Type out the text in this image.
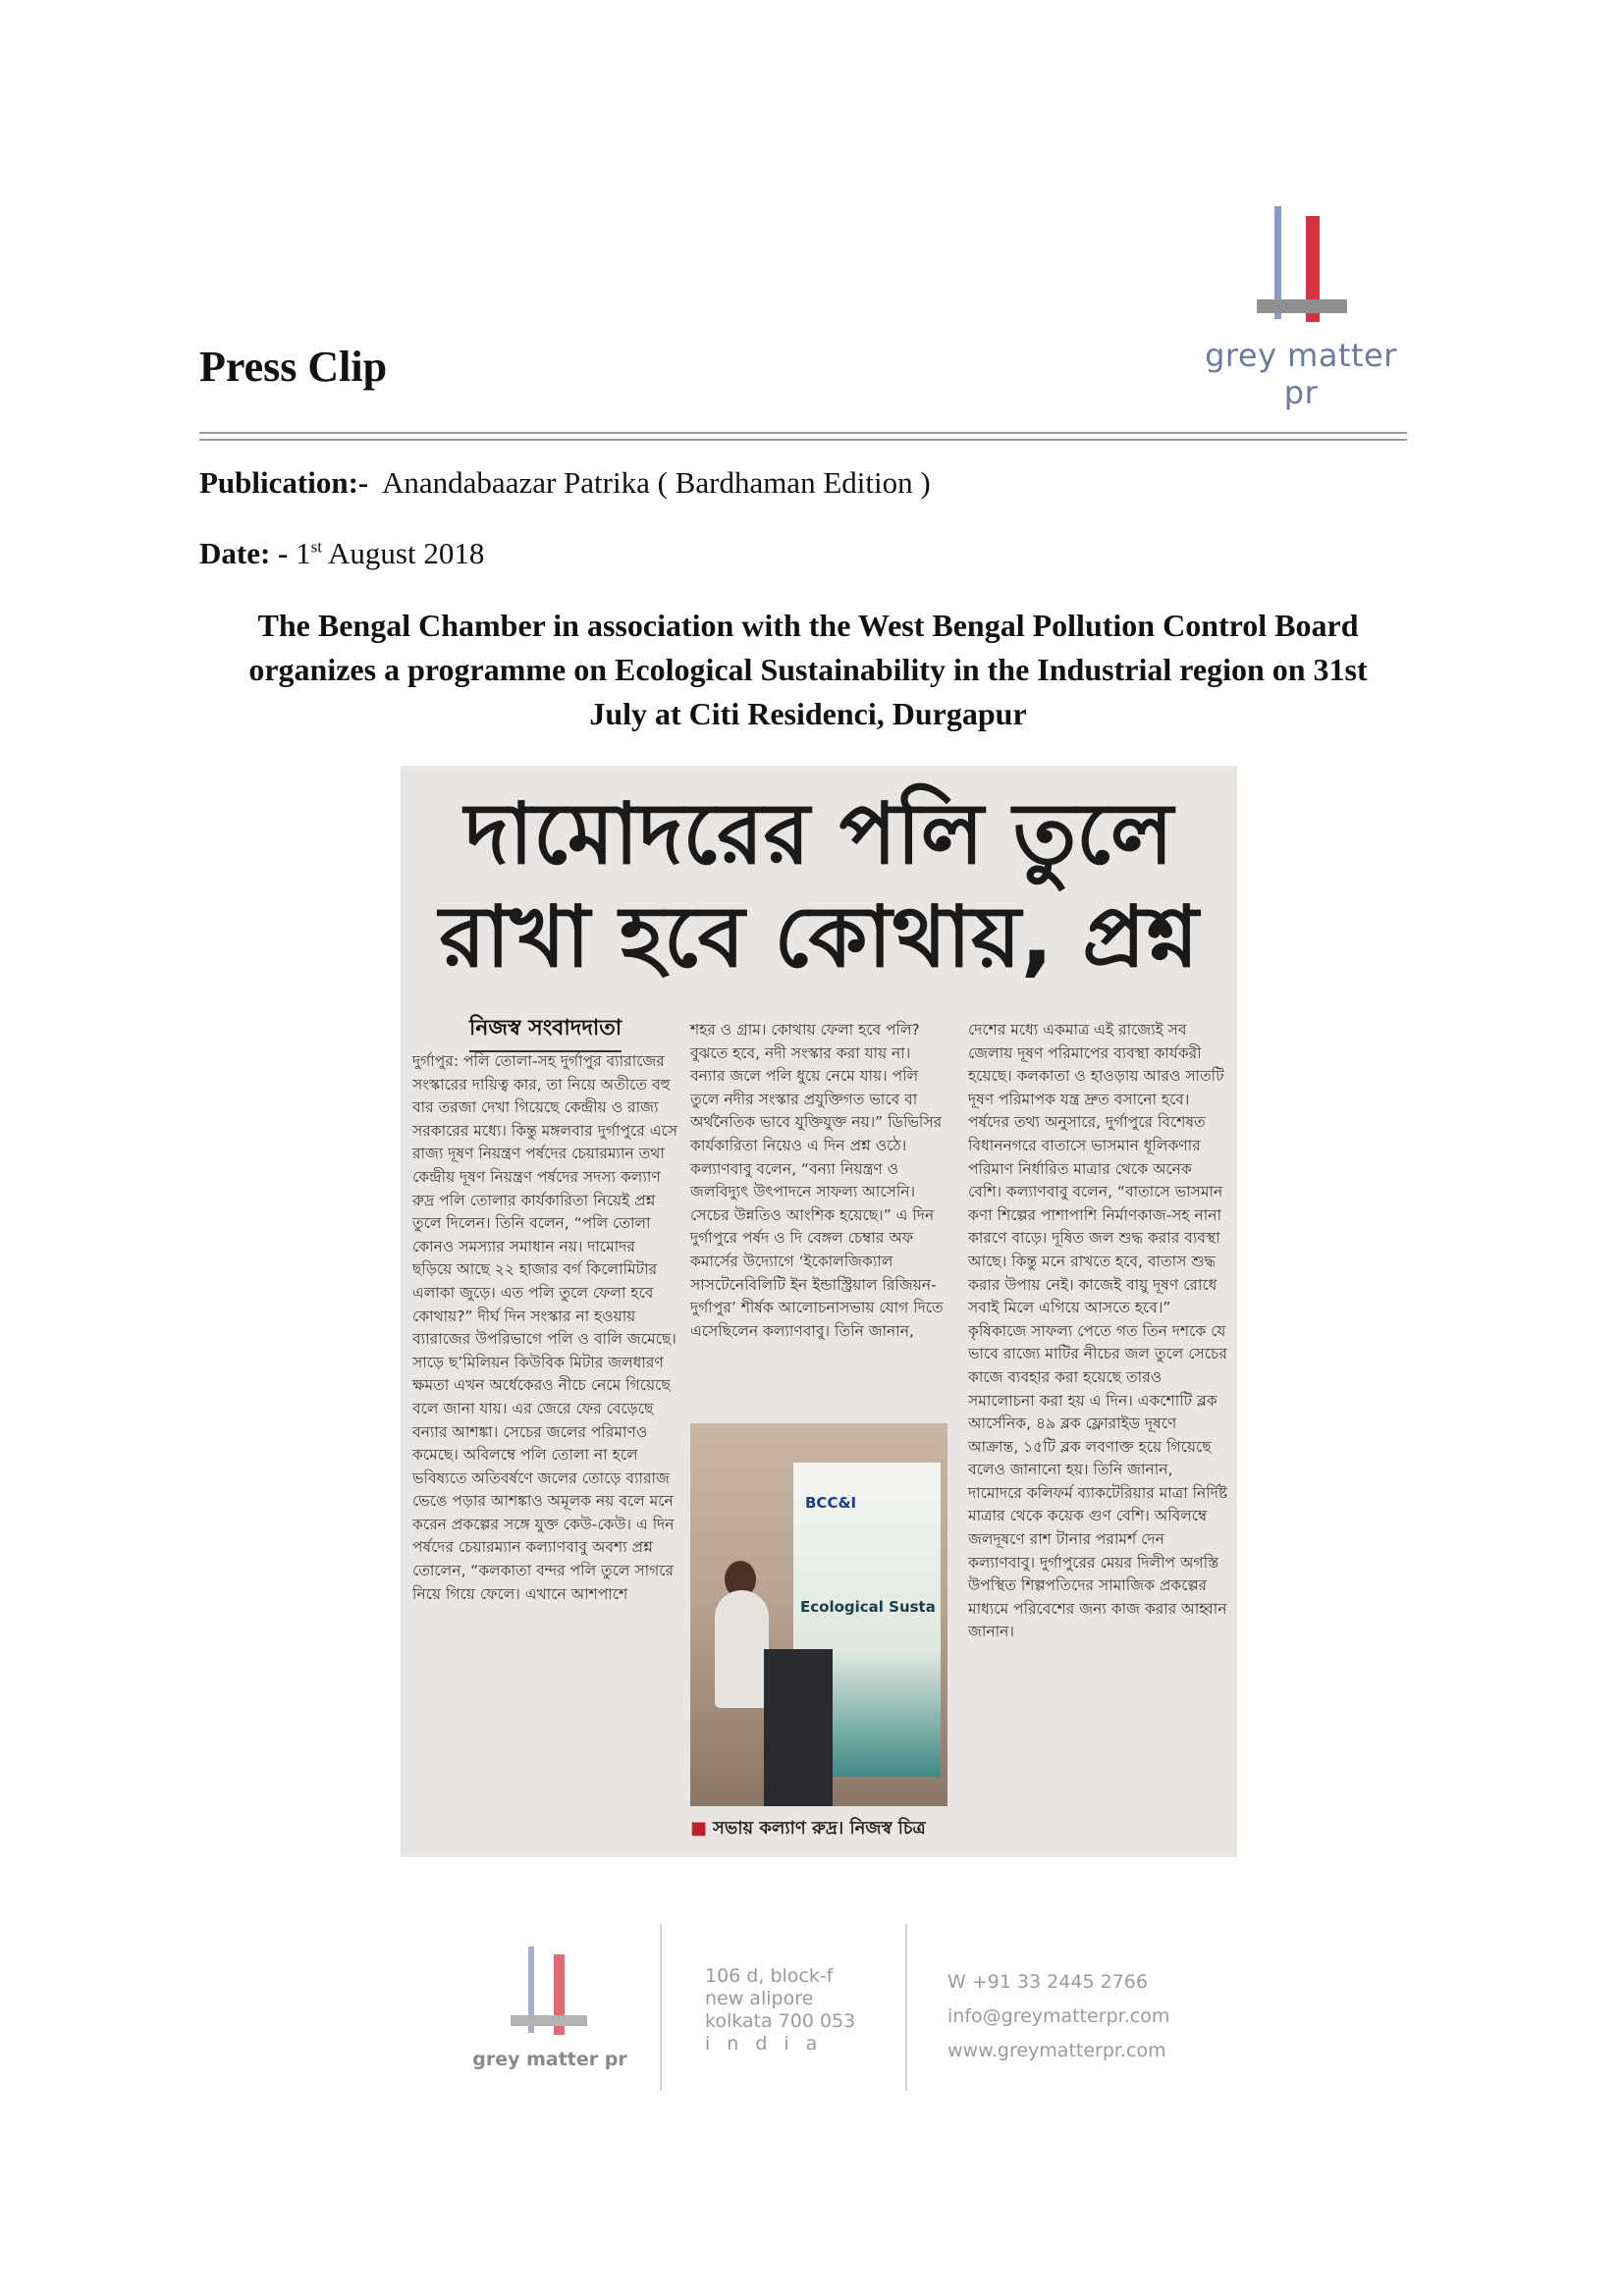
grey matter pr
Press Clip
Publication:- Anandabaazar Patrika ( Bardhaman Edition )
Date: - 1st August 2018
The Bengal Chamber in association with the West Bengal Pollution Control Board
organizes a programme on Ecological Sustainability in the Industrial region on 31st
July at Citi Residenci, Durgapur
দামোদরের পলি তুলে
রাখা হবে কোথায়, প্রশ্ন
নিজস্ব সংবাদদাতা
দুর্গাপুর: পলি তোলা-সহ দুর্গাপুর ব্যারাজের সংস্কারের দায়িত্ব কার, তা নিয়ে অতীতে বহু বার তরজা দেখা গিয়েছে কেন্দ্রীয় ও রাজ্য সরকারের মধ্যে। কিন্তু মঙ্গলবার দুর্গাপুরে এসে রাজ্য দূষণ নিয়ন্ত্রণ পর্ষদের চেয়ারম্যান তথা কেন্দ্রীয় দূষণ নিয়ন্ত্রণ পর্ষদের সদস্য কল্যাণ রুদ্র পলি তোলার কার্যকারিতা নিয়েই প্রশ্ন তুলে দিলেন। তিনি বলেন, “পলি তোলা কোনও সমস্যার সমাধান নয়। দামোদর ছড়িয়ে আছে ২২ হাজার বর্গ কিলোমিটার এলাকা জুড়ে। এত পলি তুলে ফেলা হবে কোথায়?” দীর্ঘ দিন সংস্কার না হওয়ায় ব্যারাজের উপরিভাগে পলি ও বালি জমেছে। সাড়ে ছ’মিলিয়ন কিউবিক মিটার জলধারণ ক্ষমতা এখন অর্ধেকেরও নীচে নেমে গিয়েছে বলে জানা যায়। এর জেরে ফের বেড়েছে বন্যার আশঙ্কা। সেচের জলের পরিমাণও কমেছে। অবিলম্বে পলি তোলা না হলে ভবিষ্যতে অতিবর্ষণে জলের তোড়ে ব্যারাজ ভেঙে পড়ার আশঙ্কাও অমূলক নয় বলে মনে করেন প্রকল্পের সঙ্গে যুক্ত কেউ-কেউ। এ দিন পর্ষদের চেয়ারম্যান কল্যাণবাবু অবশ্য প্রশ্ন তোলেন, “কলকাতা বন্দর পলি তুলে সাগরে নিয়ে গিয়ে ফেলে। এখানে আশপাশে
শহর ও গ্রাম। কোথায় ফেলা হবে পলি? বুঝতে হবে, নদী সংস্কার করা যায় না। বন্যার জলে পলি ধুয়ে নেমে যায়। পলি তুলে নদীর সংস্কার প্রযুক্তিগত ভাবে বা অর্থনৈতিক ভাবে যুক্তিযুক্ত নয়।” ডিভিসির কার্যকারিতা নিয়েও এ দিন প্রশ্ন ওঠে। কল্যাণবাবু বলেন, “বন্যা নিয়ন্ত্রণ ও জলবিদ্যুৎ উৎপাদনে সাফল্য আসেনি। সেচের উন্নতিও আংশিক হয়েছে।” এ দিন দুর্গাপুরে পর্ষদ ও দি বেঙ্গল চেম্বার অফ কমার্সের উদ্যোগে ‘ইকোলজিক্যাল সাসটেনেবিলিটি ইন ইন্ডাস্ট্রিয়াল রিজিয়ন-দুর্গাপুর’ শীর্ষক আলোচনাসভায় যোগ দিতে এসেছিলেন কল্যাণবাবু। তিনি জানান,
দেশের মধ্যে একমাত্র এই রাজ্যেই সব জেলায় দূষণ পরিমাপের ব্যবস্থা কার্যকরী হয়েছে। কলকাতা ও হাওড়ায় আরও সাতটি দূষণ পরিমাপক যন্ত্র দ্রুত বসানো হবে। পর্ষদের তথ্য অনুসারে, দুর্গাপুরে বিশেষত বিধাননগরে বাতাসে ভাসমান ধূলিকণার পরিমাণ নির্ধারিত মাত্রার থেকে অনেক বেশি। কল্যাণবাবু বলেন, “বাতাসে ভাসমান কণা শিল্পের পাশাপাশি নির্মাণকাজ-সহ নানা কারণে বাড়ে। দূষিত জল শুদ্ধ করার ব্যবস্থা আছে। কিন্তু মনে রাখতে হবে, বাতাস শুদ্ধ করার উপায় নেই। কাজেই বায়ু দূষণ রোধে সবাই মিলে এগিয়ে আসতে হবে।” কৃষিকাজে সাফল্য পেতে গত তিন দশকে যে ভাবে রাজ্যে মাটির নীচের জল তুলে সেচের কাজে ব্যবহার করা হয়েছে তারও সমালোচনা করা হয় এ দিন। একশোটি ব্লক আর্সেনিক, ৪৯ ব্লক ফ্লোরাইড দূষণে আক্রান্ত, ১৫টি ব্লক লবণাক্ত হয়ে গিয়েছে বলেও জানানো হয়। তিনি জানান, দামোদরে কলিফর্ম ব্যাকটেরিয়ার মাত্রা নির্দিষ্ট মাত্রার থেকে কয়েক গুণ বেশি। অবিলম্বে জলদূষণে রাশ টানার পরামর্শ দেন কল্যাণবাবু। দুর্গাপুরের মেয়র দিলীপ অগস্তি উপস্থিত শিল্পপতিদের সামাজিক প্রকল্পের মাধ্যমে পরিবেশের জন্য কাজ করার আহ্বান জানান।
BCC&I
Ecological Susta
■ সভায় কল্যাণ রুদ্র। নিজস্ব চিত্র
grey matter pr
106 d, block-f
new alipore
kolkata 700 053
india
W +91 33 2445 2766
info@greymatterpr.com
www.greymatterpr.com
